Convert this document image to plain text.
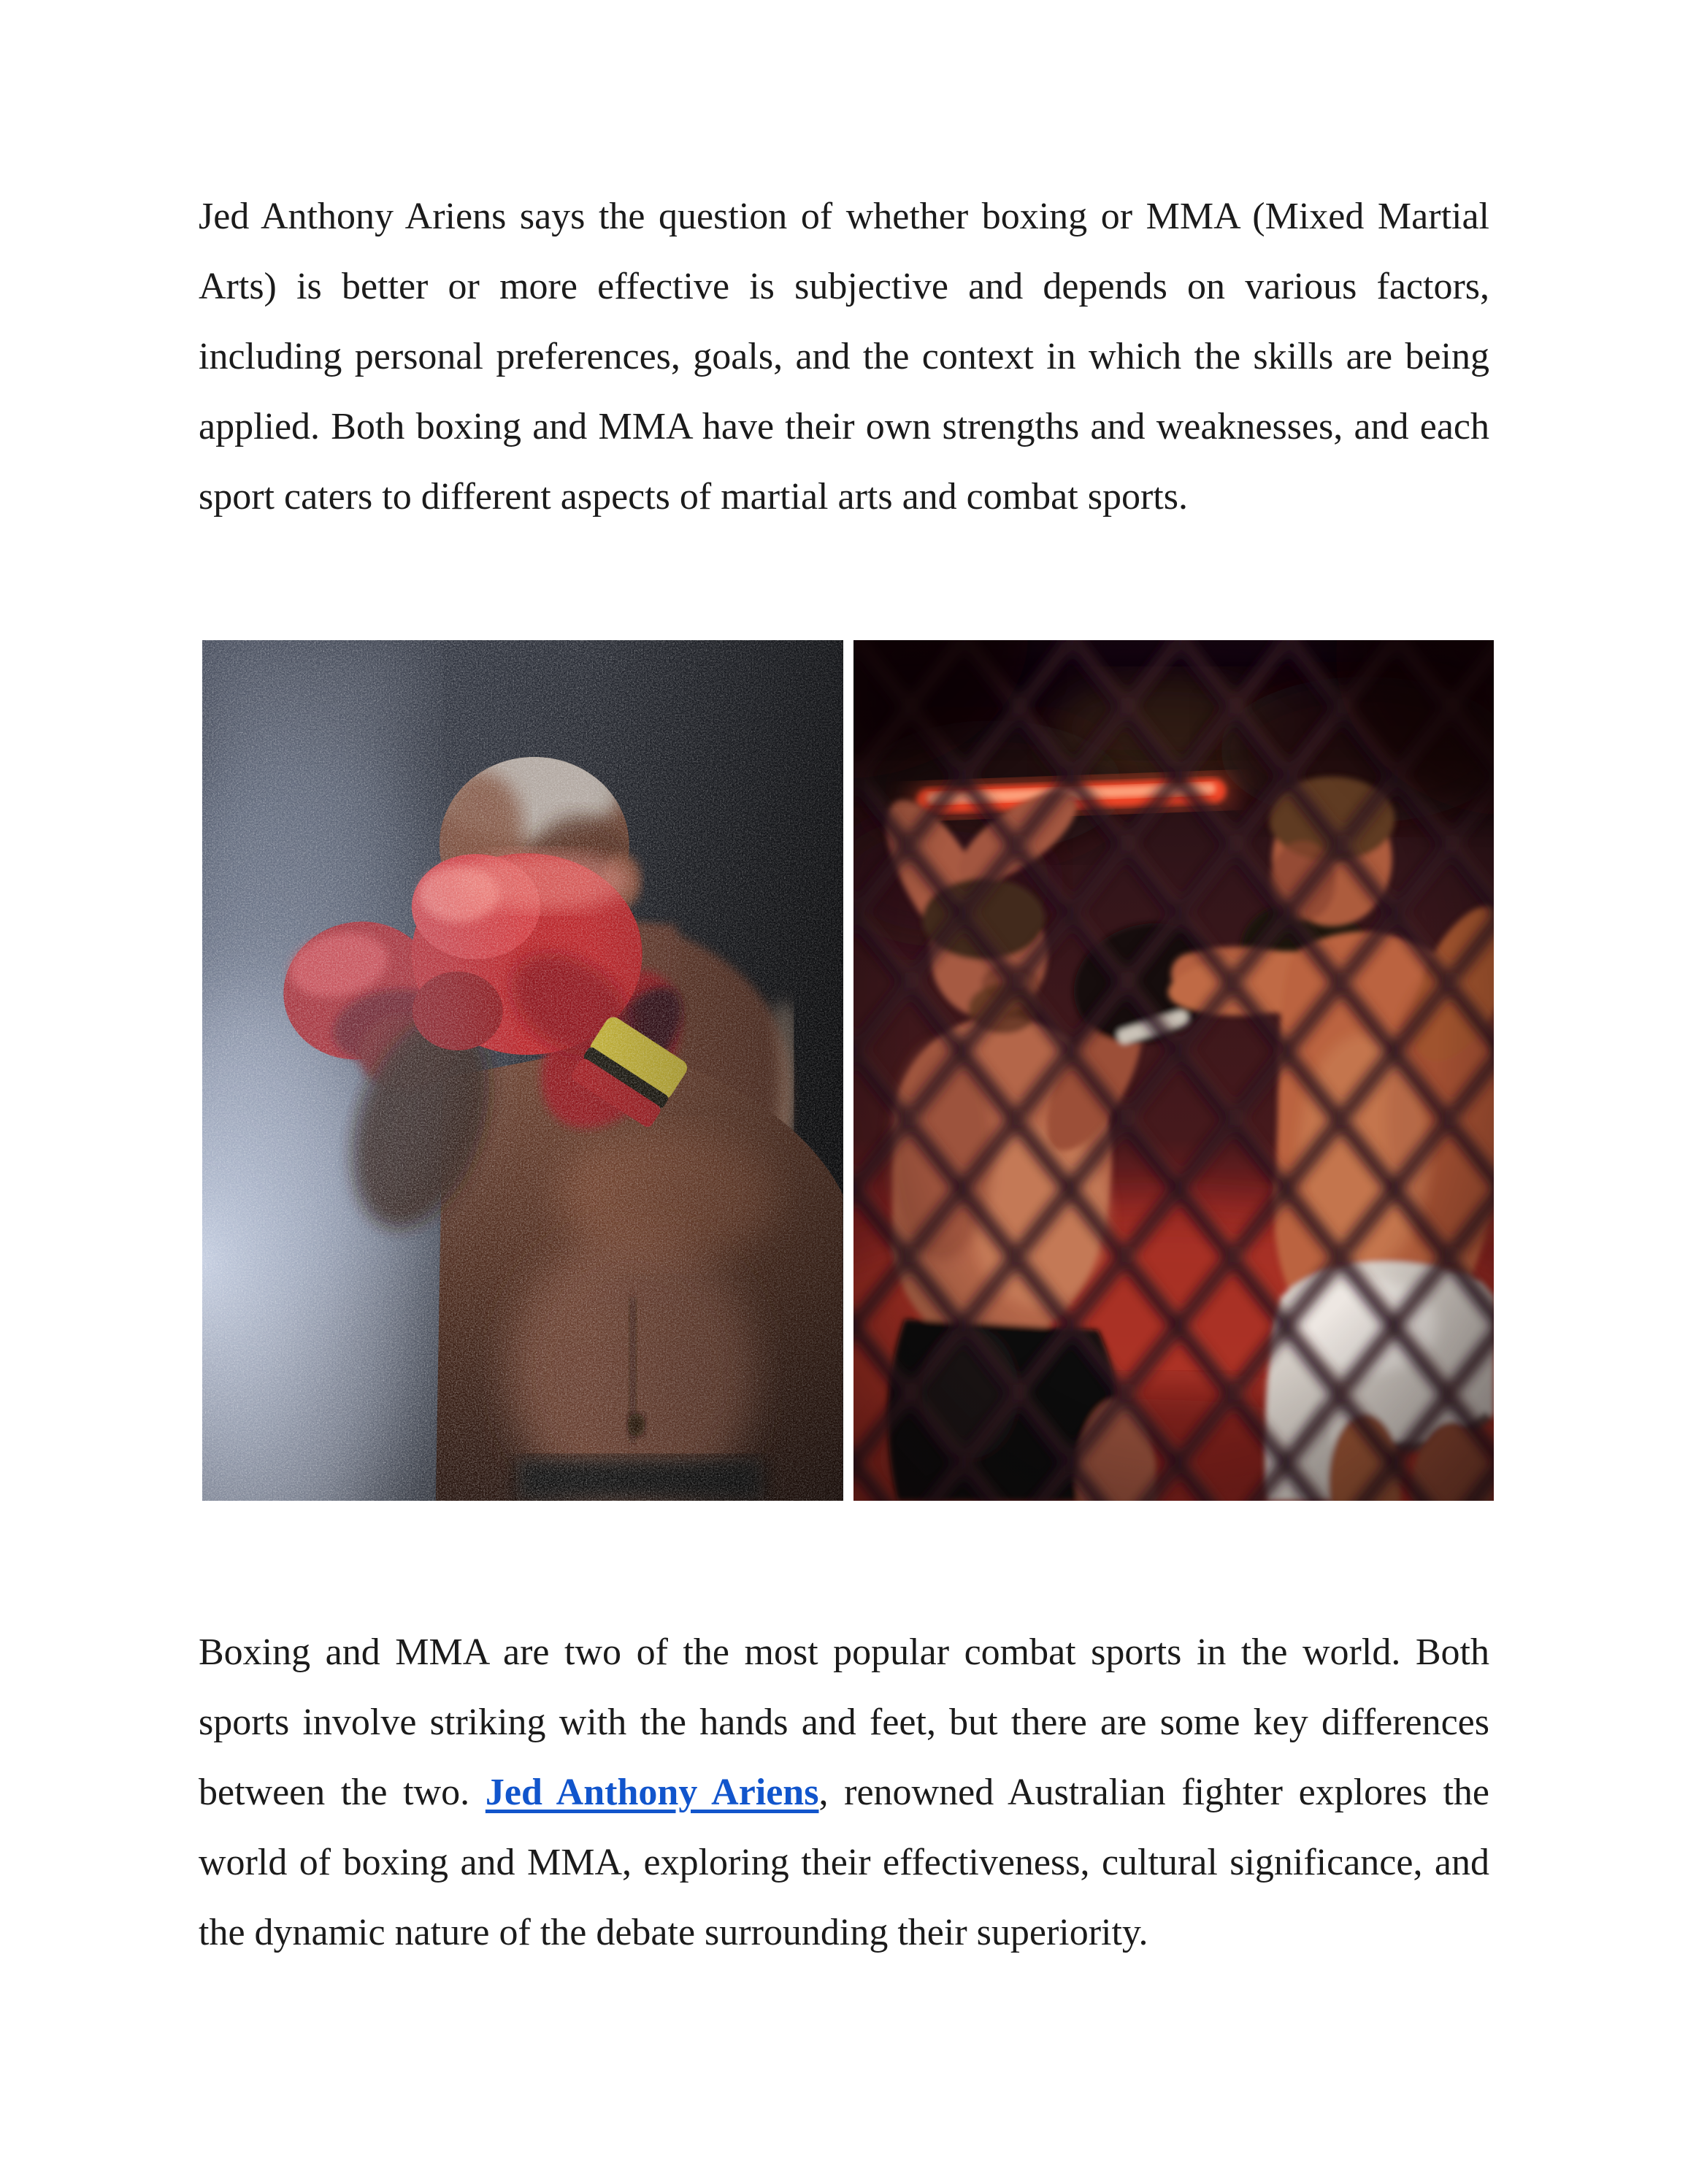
Jed Anthony Ariens says the question of whether boxing or MMA (Mixed Martial Arts) is better or more effective is subjective and depends on various factors, including personal preferences, goals, and the context in which the skills are being applied. Both boxing and MMA have their own strengths and weaknesses, and each sport caters to different aspects of martial arts and combat sports.

Boxing and MMA are two of the most popular combat sports in the world. Both sports involve striking with the hands and feet, but there are some key differences between the two. Jed Anthony Ariens, renowned Australian fighter explores the world of boxing and MMA, exploring their effectiveness, cultural significance, and the dynamic nature of the debate surrounding their superiority.
